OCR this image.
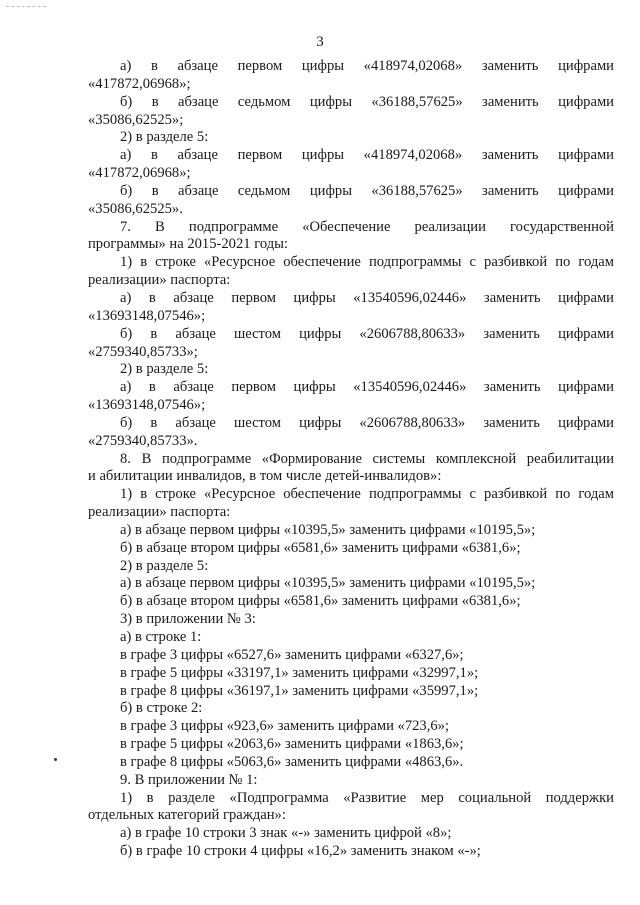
3

а) в абзаце первом цифры «418974,02068» заменить цифрами

«417872,06968»;

б) в абзаце седьмом цифры «36188,57625» заменить цифрами

«35086,62525»;

2) в разделе 5:

а) в абзаце первом цифры «418974,02068» заменить цифрами

«417872,06968»;

б) в абзаце седьмом цифры «36188,57625» заменить цифрами

«35086,62525».

7. В подпрограмме «Обеспечение реализации государственной

программы» на 2015-2021 годы:

1) в строке «Ресурсное обеспечение подпрограммы с разбивкой по годам

реализации» паспорта:

а) в абзаце первом цифры «13540596,02446» заменить цифрами

«13693148,07546»;

б) в абзаце шестом цифры «2606788,80633» заменить цифрами

«2759340,85733»;

2) в разделе 5:

а) в абзаце первом цифры «13540596,02446» заменить цифрами

«13693148,07546»;

б) в абзаце шестом цифры «2606788,80633» заменить цифрами

«2759340,85733».

8. В подпрограмме «Формирование системы комплексной реабилитации

и абилитации инвалидов, в том числе детей-инвалидов»:

1) в строке «Ресурсное обеспечение подпрограммы с разбивкой по годам

реализации» паспорта:

а) в абзаце первом цифры «10395,5» заменить цифрами «10195,5»;

б) в абзаце втором цифры «6581,6» заменить цифрами «6381,6»;

2) в разделе 5:

а) в абзаце первом цифры «10395,5» заменить цифрами «10195,5»;

б) в абзаце втором цифры «6581,6» заменить цифрами «6381,6»;

3) в приложении № 3:

а) в строке 1:

в графе 3 цифры «6527,6» заменить цифрами «6327,6»;

в графе 5 цифры «33197,1» заменить цифрами «32997,1»;

в графе 8 цифры «36197,1» заменить цифрами «35997,1»;

б) в строке 2:

в графе 3 цифры «923,6» заменить цифрами «723,6»;

в графе 5 цифры «2063,6» заменить цифрами «1863,6»;

в графе 8 цифры «5063,6» заменить цифрами «4863,6».

9. В приложении № 1:

1) в разделе «Подпрограмма «Развитие мер социальной поддержки

отдельных категорий граждан»:

а) в графе 10 строки 3 знак «-» заменить цифрой «8»;

б) в графе 10 строки 4 цифры «16,2» заменить знаком «-»;
